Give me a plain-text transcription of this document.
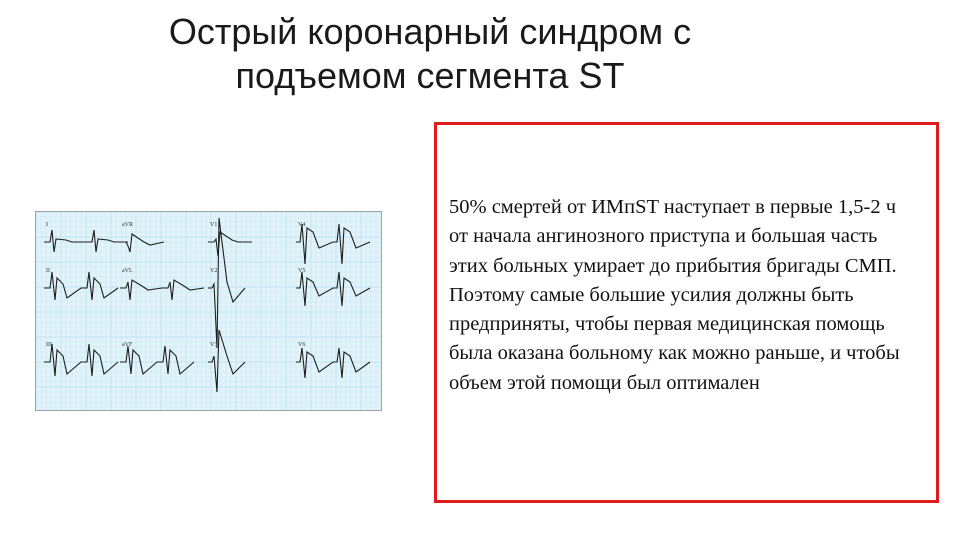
Острый коронарный синдром с
подъемом сегмента ST
I	aVR	V1	V4
II	aVL	V2	V5
III	aVF	V3	V6

50% смертей от ИМпST наступает в первые 1,5-2 ч от начала ангинозного приступа и большая часть этих больных умирает до прибытия бригады СМП. Поэтому самые большие усилия должны быть предприняты, чтобы первая медицинская помощь была оказана больному как можно раньше, и чтобы объем этой помощи был оптимален
